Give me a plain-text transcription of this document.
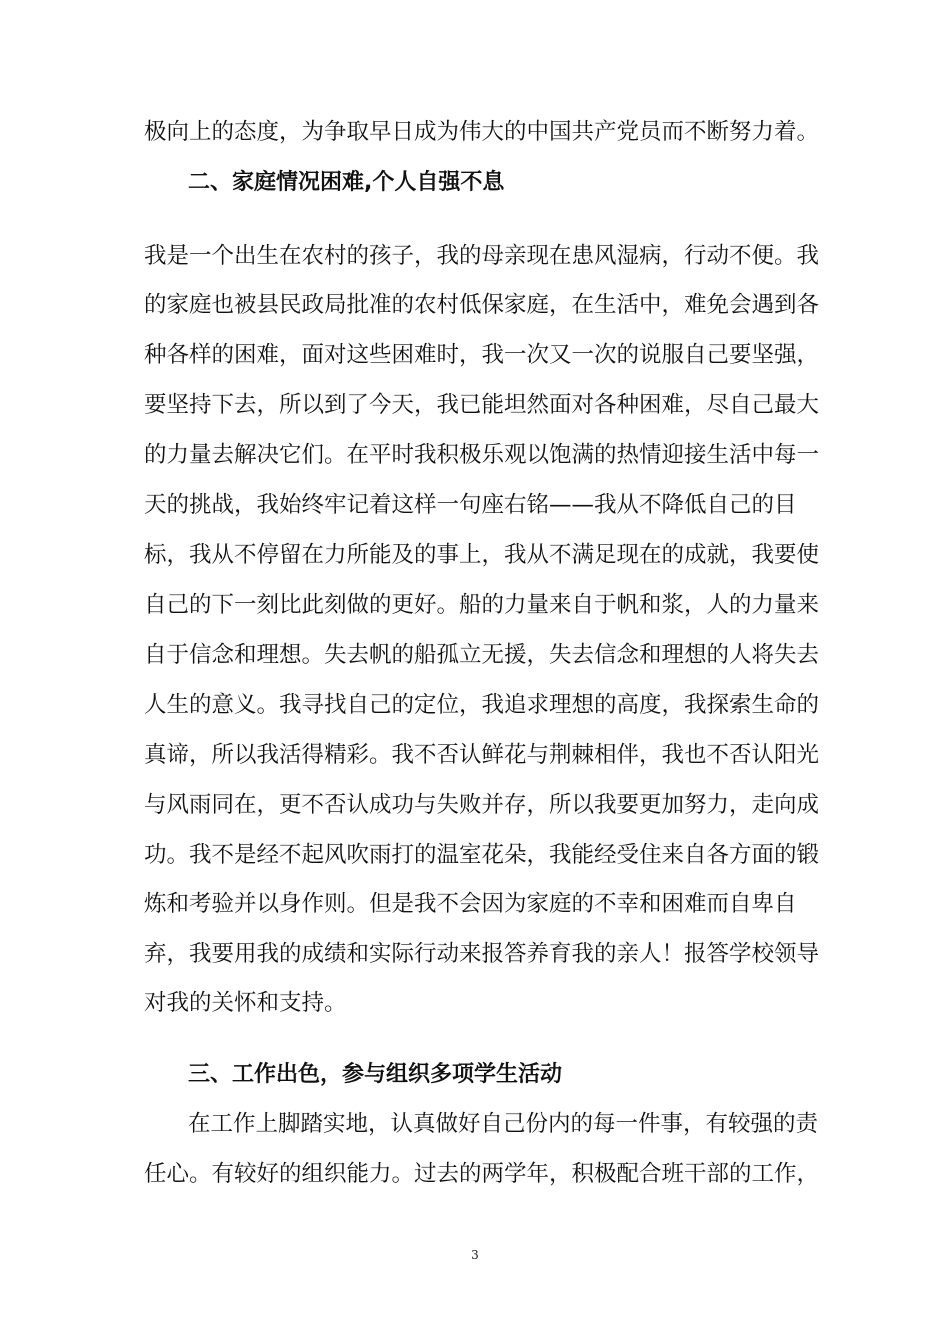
极向上的态度，为争取早日成为伟大的中国共产党员而不断努力着。
二、家庭情况困难,个人自强不息
我是一个出生在农村的孩子，我的母亲现在患风湿病，行动不便。我
的家庭也被县民政局批准的农村低保家庭，在生活中，难免会遇到各
种各样的困难，面对这些困难时，我一次又一次的说服自己要坚强，
要坚持下去，所以到了今天，我已能坦然面对各种困难，尽自己最大
的力量去解决它们。在平时我积极乐观以饱满的热情迎接生活中每一
天的挑战，我始终牢记着这样一句座右铭——我从不降低自己的目
标，我从不停留在力所能及的事上，我从不满足现在的成就，我要使
自己的下一刻比此刻做的更好。船的力量来自于帆和浆，人的力量来
自于信念和理想。失去帆的船孤立无援，失去信念和理想的人将失去
人生的意义。我寻找自己的定位，我追求理想的高度，我探索生命的
真谛，所以我活得精彩。我不否认鲜花与荆棘相伴，我也不否认阳光
与风雨同在，更不否认成功与失败并存，所以我要更加努力，走向成
功。我不是经不起风吹雨打的温室花朵，我能经受住来自各方面的锻
炼和考验并以身作则。但是我不会因为家庭的不幸和困难而自卑自
弃，我要用我的成绩和实际行动来报答养育我的亲人！报答学校领导
对我的关怀和支持。
三、工作出色，参与组织多项学生活动
在工作上脚踏实地，认真做好自己份内的每一件事，有较强的责
任心。有较好的组织能力。过去的两学年，积极配合班干部的工作，
3
